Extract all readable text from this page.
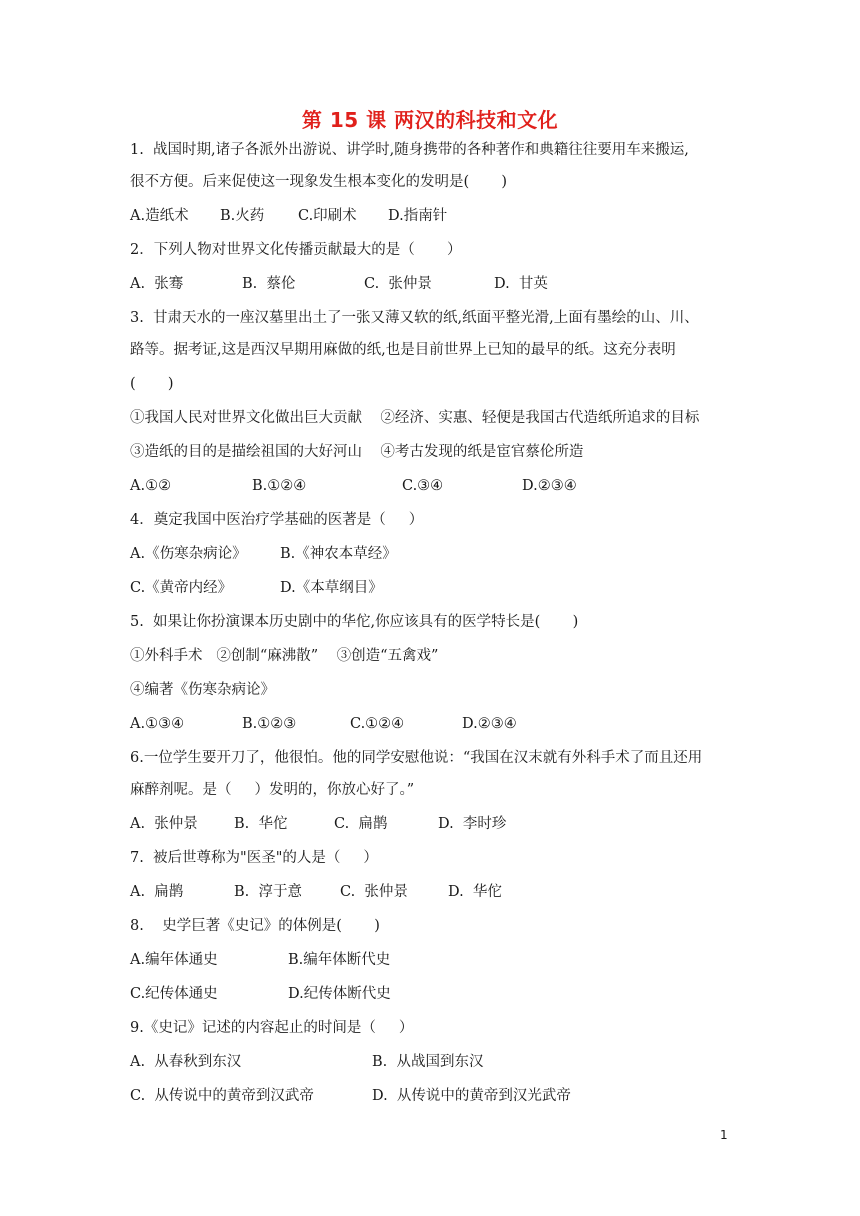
第 15 课 两汉的科技和文化
1.  战国时期,诸子各派外出游说、讲学时,随身携带的各种著作和典籍往往要用车来搬运,
很不方便。后来促使这一现象发生根本变化的发明是(       )
A.造纸术 B.火药 C.印刷术 D.指南针
2．下列人物对世界文化传播贡献最大的是（       ）
A.  张骞	B.  蔡伦	C.  张仲景	D.  甘英
3.  甘肃天水的一座汉墓里出土了一张又薄又软的纸,纸面平整光滑,上面有墨绘的山、川、
路等。据考证,这是西汉早期用麻做的纸,也是目前世界上已知的最早的纸。这充分表明
(       )
①我国人民对世界文化做出巨大贡献    ②经济、实惠、轻便是我国古代造纸所追求的目标
③造纸的目的是描绘祖国的大好河山    ④考古发现的纸是宦官蔡伦所造
A.①②	B.①②④	C.③④	D.②③④
4．奠定我国中医治疗学基础的医著是（     ）
A.《伤寒杂病论》 B.《神农本草经》
C.《黄帝内经》	D.《本草纲目》
5.  如果让你扮演课本历史剧中的华佗,你应该具有的医学特长是(       )
①外科手术   ②创制“麻沸散”    ③创造“五禽戏”
④编著《伤寒杂病论》
A.①③④	B.①②③	C.①②④	D.②③④
6.一位学生要开刀了，他很怕。他的同学安慰他说：“我国在汉末就有外科手术了而且还用
麻醉剂呢。是（     ）发明的，你放心好了。”
A.  张仲景 B.  华佗	C.  扁鹊	D.  李时珍
7.  被后世尊称为"医圣"的人是（     ）
A.  扁鹊	B.  淳于意	C.  张仲景	D.  华佗
8.    史学巨著《史记》的体例是(       )
A.编年体通史	B.编年体断代史
C.纪传体通史	D.纪传体断代史
9.《史记》记述的内容起止的时间是（     ）
A.  从春秋到东汉	B.  从战国到东汉
C.  从传说中的黄帝到汉武帝	D.  从传说中的黄帝到汉光武帝
1
